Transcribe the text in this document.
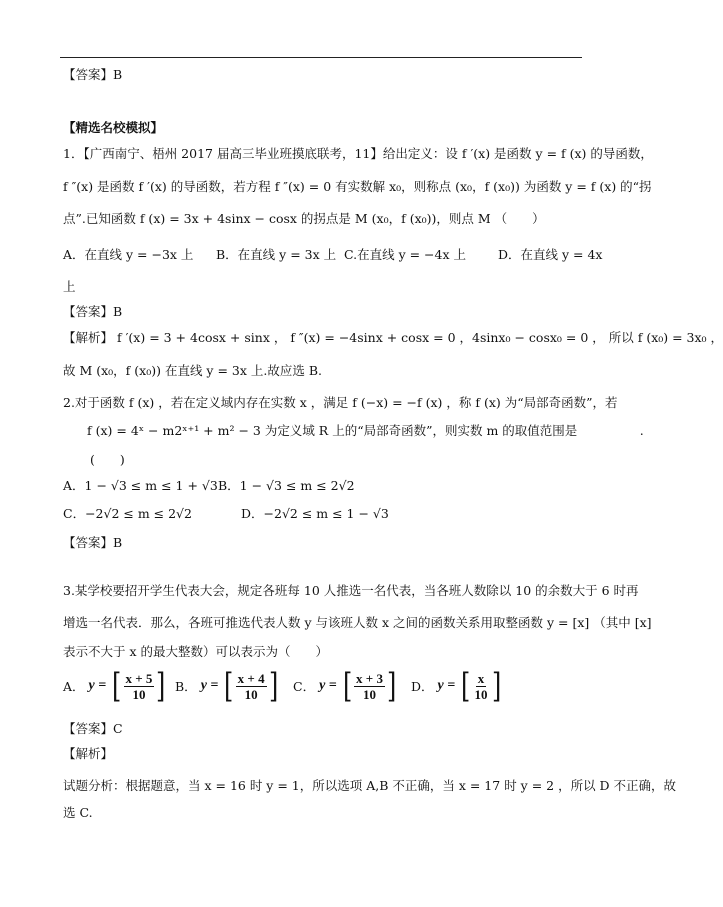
【答案】B
【精选名校模拟】
1．【广西南宁、梧州 2017 届高三毕业班摸底联考，11】给出定义：设 f ′(x) 是函数 y = f (x) 的导函数，
f ″(x) 是函数 f ′(x) 的导函数，若方程 f ″(x) = 0 有实数解 x₀，则称点 (x₀，f (x₀)) 为函数 y = f (x) 的“拐
点”.已知函数 f (x) = 3x + 4sinx − cosx 的拐点是 M (x₀，f (x₀))，则点 M （　　）
A．在直线 y = −3x 上 B．在直线 y = 3x 上 C.在直线 y = −4x 上	D．在直线 y = 4x
上
【答案】B
【解析】 f ′(x) = 3 + 4cosx + sinx ， f ″(x) = −4sinx + cosx = 0 ，4sinx₀ − cosx₀ = 0 ， 所以 f (x₀) = 3x₀ ，
故 M (x₀，f (x₀)) 在直线 y = 3x 上.故应选 B.
2.对于函数 f (x) ，若在定义域内存在实数 x ，满足 f (−x) = −f (x) ，称 f (x) 为“局部奇函数”，若
f (x) = 4ˣ − m2ˣ⁺¹ + m² − 3 为定义域 R 上的“局部奇函数”，则实数 m 的取值范围是　　　　　.
(　　)
A．1 − √3 ≤ m ≤ 1 + √3 B．1 − √3 ≤ m ≤ 2√2
C．−2√2 ≤ m ≤ 2√2	D．−2√2 ≤ m ≤ 1 − √3
【答案】B
3.某学校要招开学生代表大会，规定各班每 10 人推选一名代表，当各班人数除以 10 的余数大于 6 时再
增选一名代表．那么，各班可推选代表人数 y 与该班人数 x 之间的函数关系用取整函数 y = [x] （其中 [x]
表示不大于 x 的最大整数）可以表示为（　　）
A． y = [ $\frac{x + 5}{10}$ ] B． y = [ $\frac{x + 4}{10}$ ] C． y = [ $\frac{x + 3}{10}$ ] D． y = [ $\frac{x}{10}$ ]
【答案】C
【解析】
试题分析：根据题意，当 x = 16 时 y = 1，所以选项 A,B 不正确，当 x = 17 时 y = 2 ，所以 D 不正确，故
选 C.
